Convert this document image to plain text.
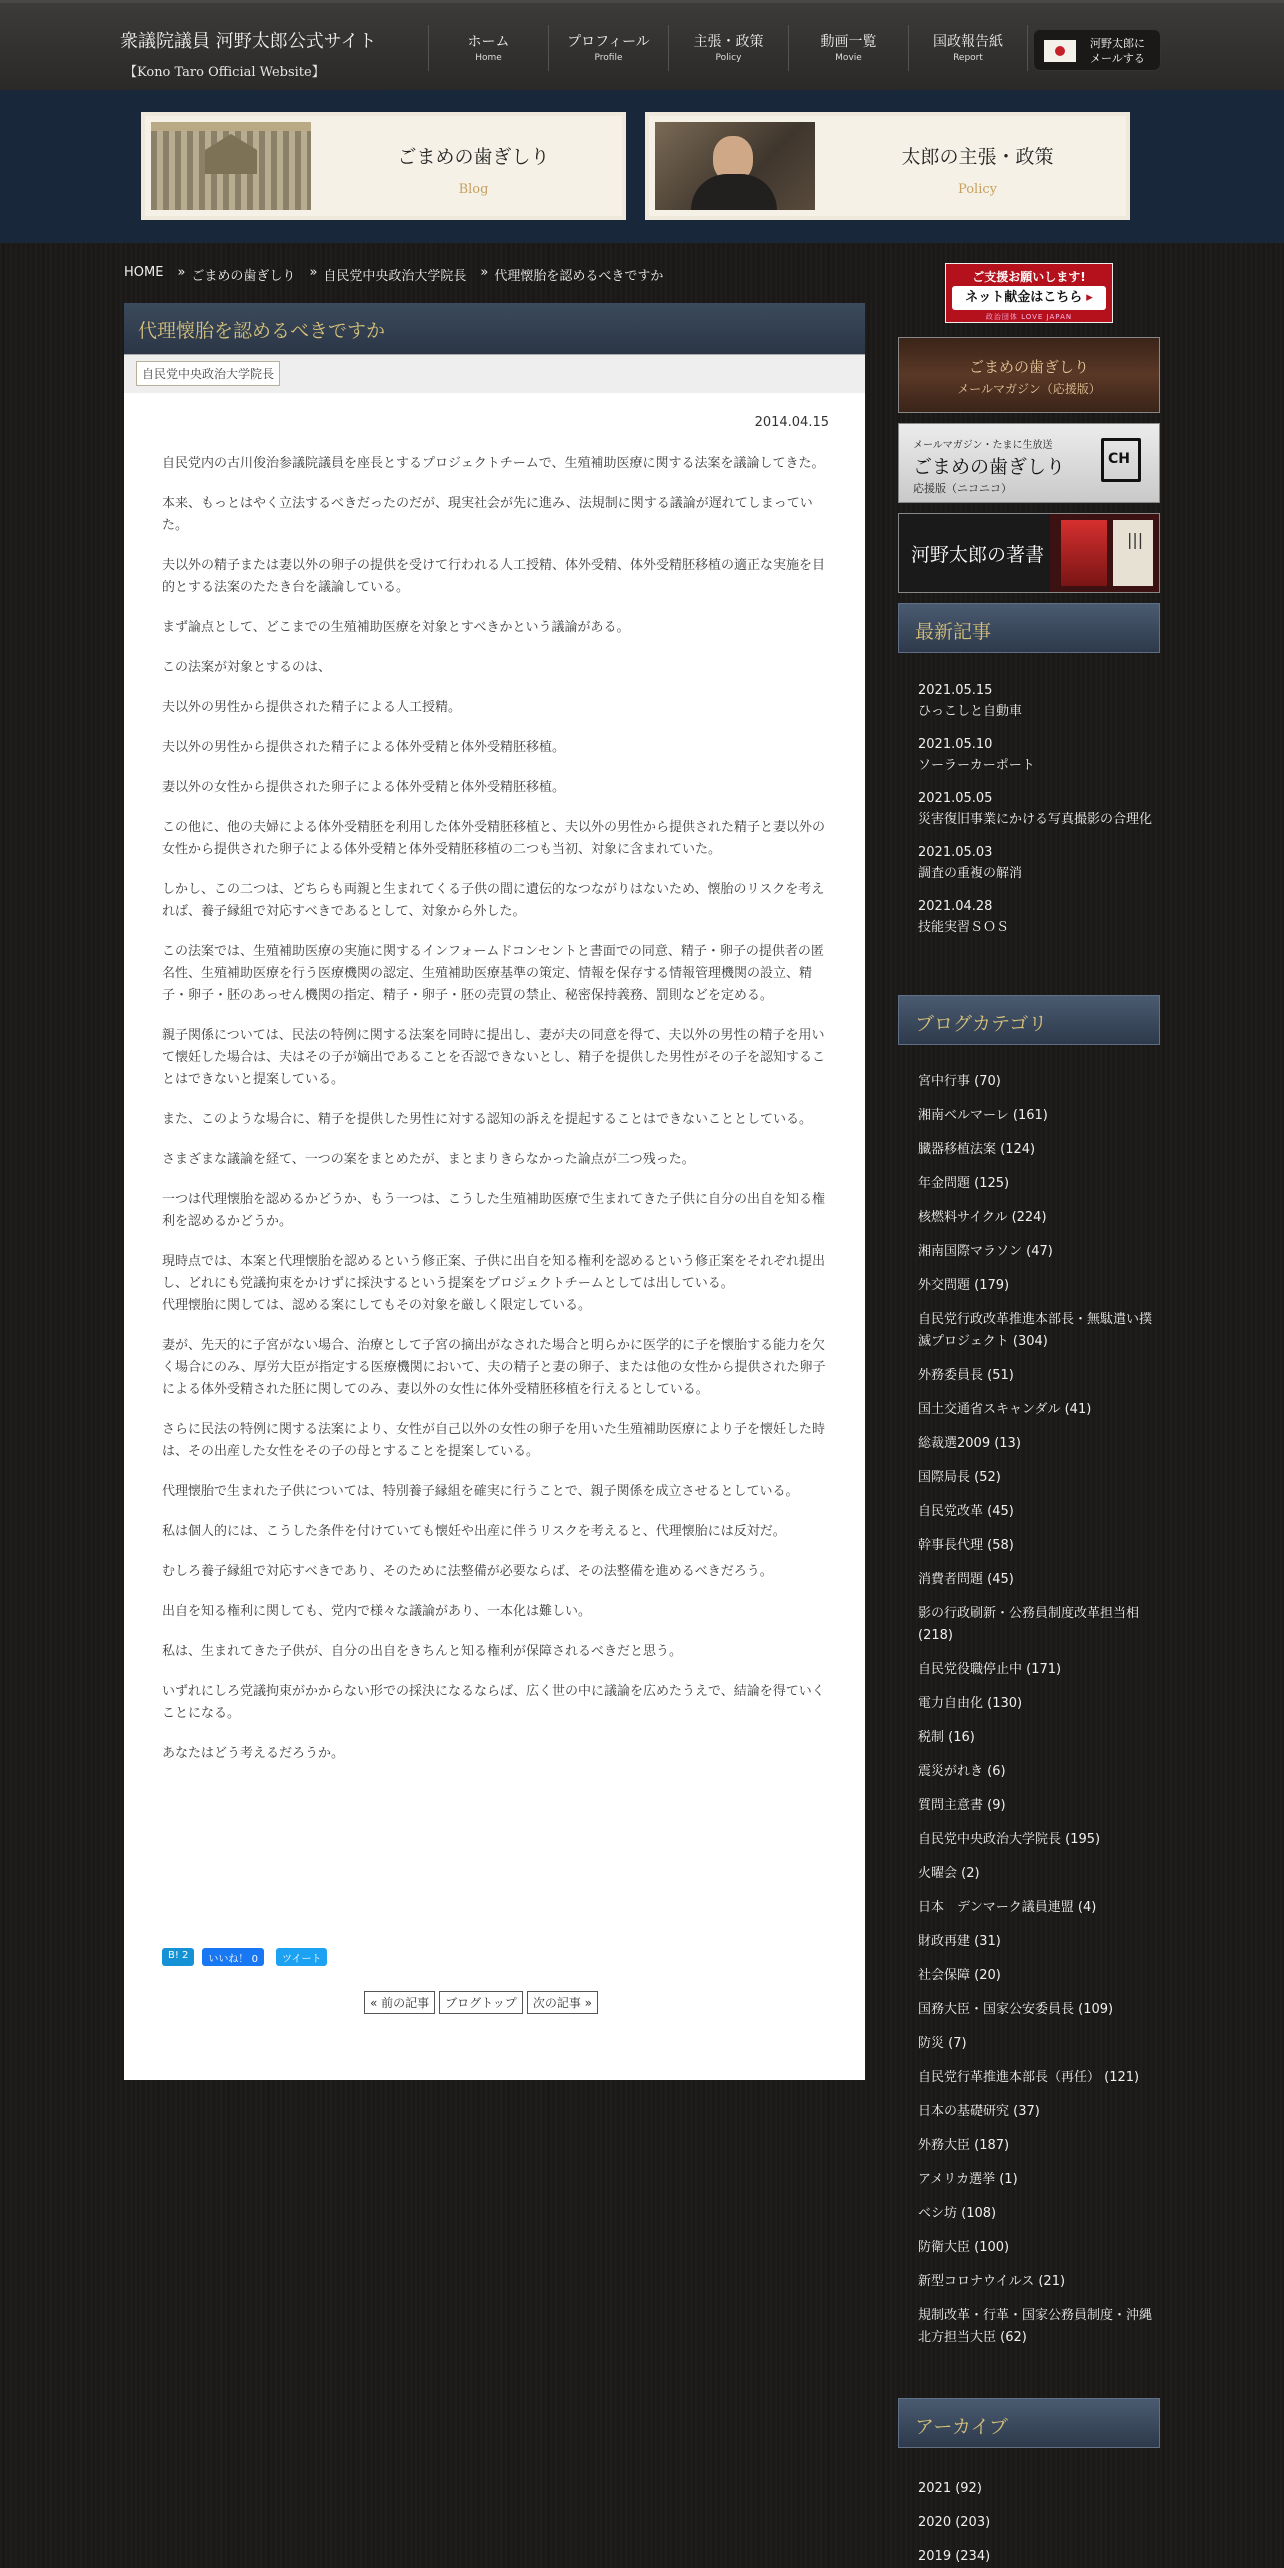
衆議院議員 河野太郎公式サイト
【Kono Taro Official Website】
ホーム
Home
プロフィール
Profile
主張・政策
Policy
動画一覧
Movie
国政報告紙
Report
河野太郎に
メールする
ごまめの歯ぎしり
Blog
太郎の主張・政策
Policy
HOME » ごまめの歯ぎしり » 自民党中央政治大学院長 » 代理懐胎を認めるべきですか
代理懐胎を認めるべきですか
自民党中央政治大学院長
2014.04.15

自民党内の古川俊治参議院議員を座長とするプロジェクトチームで、生殖補助医療に関する法案を議論してきた。

本来、もっとはやく立法するべきだったのだが、現実社会が先に進み、法規制に関する議論が遅れてしまっていた。

夫以外の精子または妻以外の卵子の提供を受けて行われる人工授精、体外受精、体外受精胚移植の適正な実施を目的とする法案のたたき台を議論している。

まず論点として、どこまでの生殖補助医療を対象とすべきかという議論がある。

この法案が対象とするのは、

夫以外の男性から提供された精子による人工授精。

夫以外の男性から提供された精子による体外受精と体外受精胚移植。

妻以外の女性から提供された卵子による体外受精と体外受精胚移植。

この他に、他の夫婦による体外受精胚を利用した体外受精胚移植と、夫以外の男性から提供された精子と妻以外の女性から提供された卵子による体外受精と体外受精胚移植の二つも当初、対象に含まれていた。

しかし、この二つは、どちらも両親と生まれてくる子供の間に遺伝的なつながりはないため、懐胎のリスクを考えれば、養子縁組で対応すべきであるとして、対象から外した。

この法案では、生殖補助医療の実施に関するインフォームドコンセントと書面での同意、精子・卵子の提供者の匿名性、生殖補助医療を行う医療機関の認定、生殖補助医療基準の策定、情報を保存する情報管理機関の設立、精子・卵子・胚のあっせん機関の指定、精子・卵子・胚の売買の禁止、秘密保持義務、罰則などを定める。

親子関係については、民法の特例に関する法案を同時に提出し、妻が夫の同意を得て、夫以外の男性の精子を用いて懐妊した場合は、夫はその子が嫡出であることを否認できないとし、精子を提供した男性がその子を認知することはできないと提案している。

また、このような場合に、精子を提供した男性に対する認知の訴えを提起することはできないこととしている。

さまざまな議論を経て、一つの案をまとめたが、まとまりきらなかった論点が二つ残った。

一つは代理懐胎を認めるかどうか、もう一つは、こうした生殖補助医療で生まれてきた子供に自分の出自を知る権利を認めるかどうか。

現時点では、本案と代理懐胎を認めるという修正案、子供に出自を知る権利を認めるという修正案をそれぞれ提出し、どれにも党議拘束をかけずに採決するという提案をプロジェクトチームとしては出している。
代理懐胎に関しては、認める案にしてもその対象を厳しく限定している。

妻が、先天的に子宮がない場合、治療として子宮の摘出がなされた場合と明らかに医学的に子を懐胎する能力を欠く場合にのみ、厚労大臣が指定する医療機関において、夫の精子と妻の卵子、または他の女性から提供された卵子による体外受精された胚に関してのみ、妻以外の女性に体外受精胚移植を行えるとしている。

さらに民法の特例に関する法案により、女性が自己以外の女性の卵子を用いた生殖補助医療により子を懐妊した時は、その出産した女性をその子の母とすることを提案している。

代理懐胎で生まれた子供については、特別養子縁組を確実に行うことで、親子関係を成立させるとしている。

私は個人的には、こうした条件を付けていても懐妊や出産に伴うリスクを考えると、代理懐胎には反対だ。

むしろ養子縁組で対応すべきであり、そのために法整備が必要ならば、その法整備を進めるべきだろう。

出自を知る権利に関しても、党内で様々な議論があり、一本化は難しい。

私は、生まれてきた子供が、自分の出自をきちんと知る権利が保障されるべきだと思う。

いずれにしろ党議拘束がかからない形での採決になるならば、広く世の中に議論を広めたうえで、結論を得ていくことになる。

あなたはどう考えるだろうか。

B! 2	いいね！ 0	ツイート
« 前の記事	ブログトップ	次の記事 »
ご支援お願いします!
ネット献金はこちら ▸
政治団体 LOVE JAPAN
ごまめの歯ぎしり
メールマガジン（応援版）
メールマガジン・たまに生放送
ごまめの歯ぎしり
応援版（ニコニコ）
CH
河野太郎の著書
|||
最新記事
2021.05.15
ひっこしと自動車
2021.05.10
ソーラーカーポート
2021.05.05
災害復旧事業にかける写真撮影の合理化
2021.05.03
調査の重複の解消
2021.04.28
技能実習ＳＯＳ
ブログカテゴリ
宮中行事 (70)
湘南ベルマーレ (161)
臓器移植法案 (124)
年金問題 (125)
核燃料サイクル (224)
湘南国際マラソン (47)
外交問題 (179)
自民党行政改革推進本部長・無駄遣い撲滅プロジェクト (304)
外務委員長 (51)
国土交通省スキャンダル (41)
総裁選2009 (13)
国際局長 (52)
自民党改革 (45)
幹事長代理 (58)
消費者問題 (45)
影の行政刷新・公務員制度改革担当相 (218)
自民党役職停止中 (171)
電力自由化 (130)
税制 (16)
震災がれき (6)
質問主意書 (9)
自民党中央政治大学院長 (195)
火曜会 (2)
日本　デンマーク議員連盟 (4)
財政再建 (31)
社会保障 (20)
国務大臣・国家公安委員長 (109)
防災 (7)
自民党行革推進本部長（再任） (121)
日本の基礎研究 (37)
外務大臣 (187)
アメリカ選挙 (1)
ベシ坊 (108)
防衛大臣 (100)
新型コロナウイルス (21)
規制改革・行革・国家公務員制度・沖縄北方担当大臣 (62)
アーカイブ
2021 (92)
2020 (203)
2019 (234)
